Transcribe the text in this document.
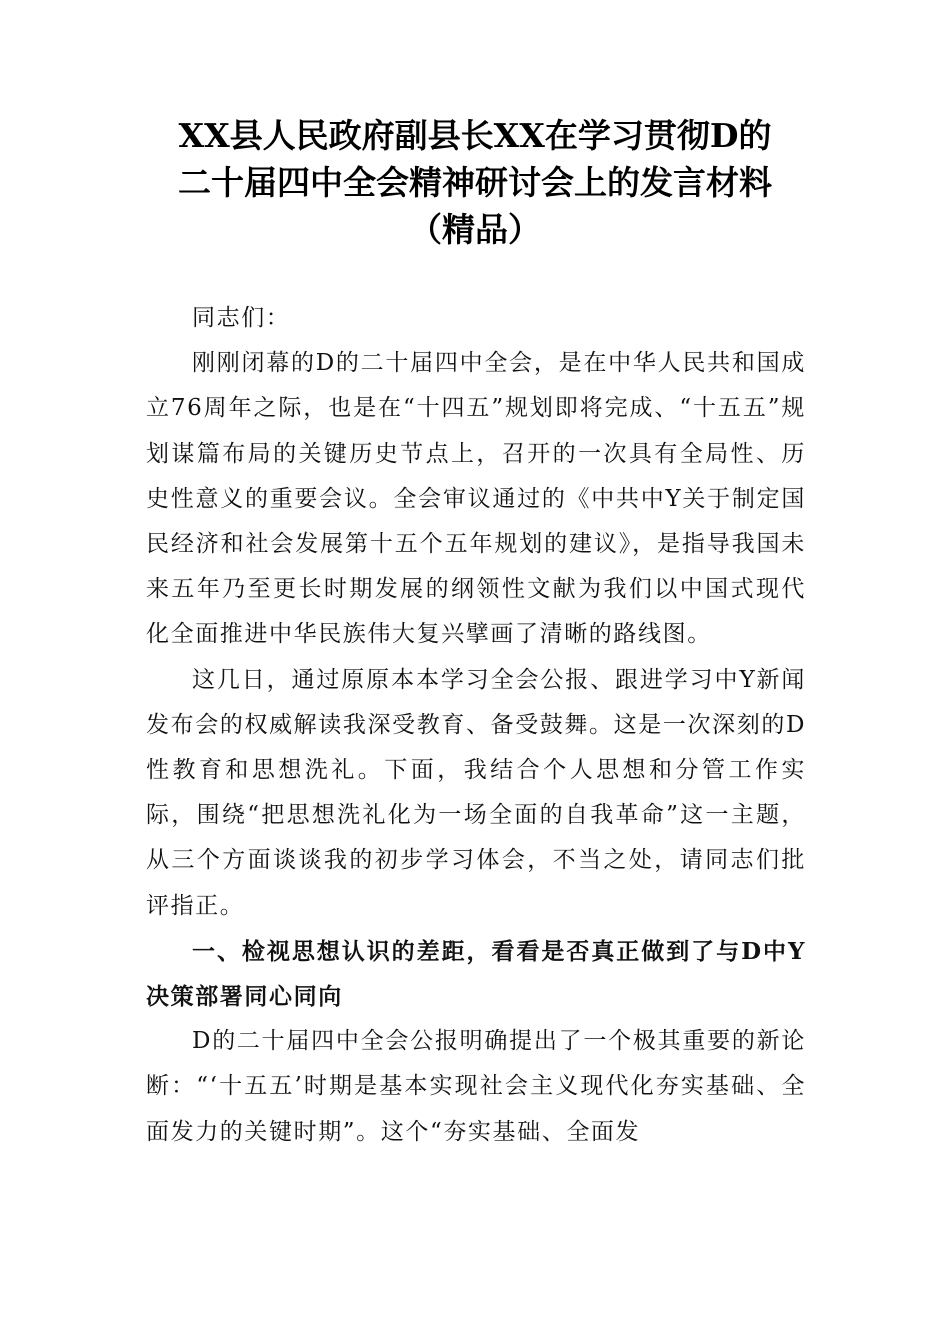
XX县人民政府副县长XX在学习贯彻D的
二十届四中全会精神研讨会上的发言材料
（精品）

同志们：

刚刚闭幕的D的二十届四中全会，是在中华人民共和国成立76周年之际，也是在“十四五”规划即将完成、“十五五”规划谋篇布局的关键历史节点上，召开的一次具有全局性、历史性意义的重要会议。全会审议通过的《中共中Y关于制定国民经济和社会发展第十五个五年规划的建议》，是指导我国未来五年乃至更长时期发展的纲领性文献为我们以中国式现代化全面推进中华民族伟大复兴擘画了清晰的路线图。

这几日，通过原原本本学习全会公报、跟进学习中Y新闻发布会的权威解读我深受教育、备受鼓舞。这是一次深刻的D性教育和思想洗礼。下面，我结合个人思想和分管工作实际，围绕“把思想洗礼化为一场全面的自我革命”这一主题，从三个方面谈谈我的初步学习体会，不当之处，请同志们批评指正。

一、检视思想认识的差距，看看是否真正做到了与D中Y决策部署同心同向

D的二十届四中全会公报明确提出了一个极其重要的新论断：“‘十五五’时期是基本实现社会主义现代化夯实基础、全面发力的关键时期”。这个“夯实基础、全面发
